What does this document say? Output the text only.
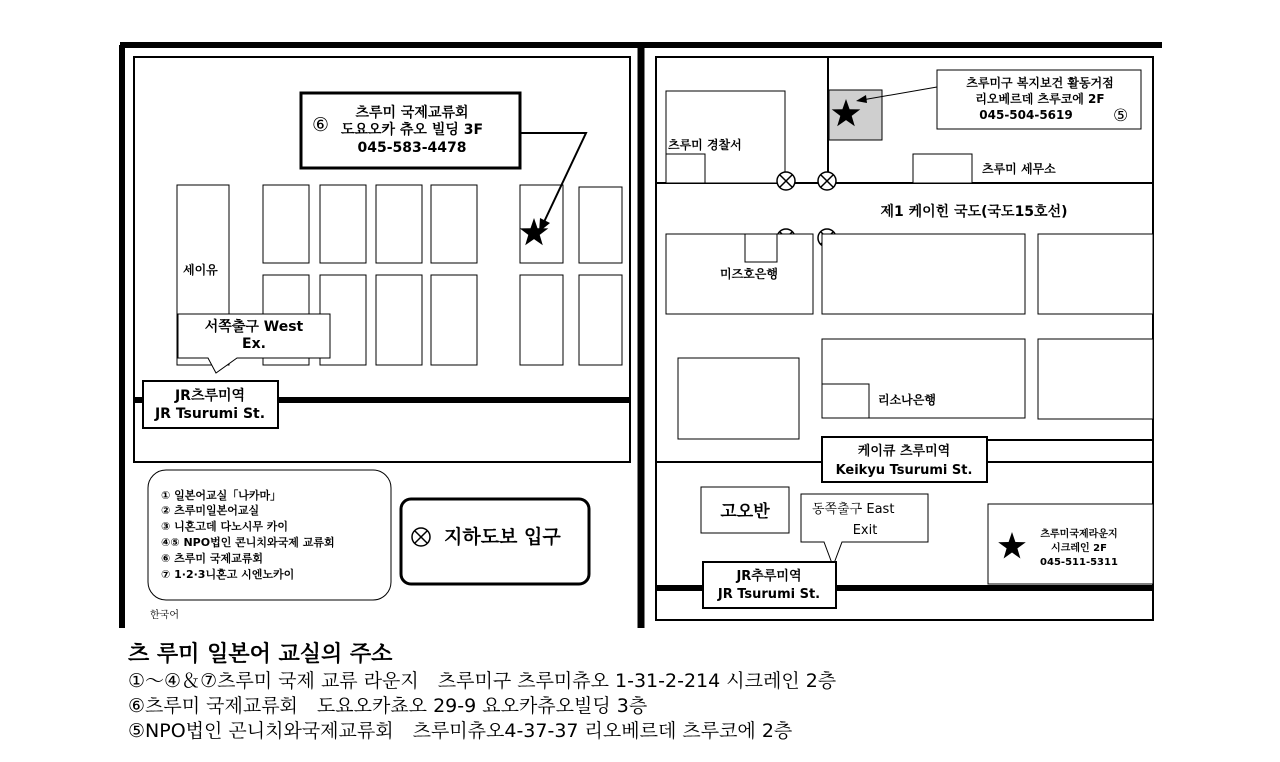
세이유
⑥
츠루미 국제교류회
도요오카 츄오 빌딩 3F
045-583-4478
서쪽출구 West
Ex.
JR츠루미역
JR Tsurumi St.
① 일본어교실「나카마」
② 츠루미일본어교실
③ 니혼고데 다노시무 카이
④⑤ NPO법인 콘니치와국제 교류회
⑥ 츠루미 국제교류회
⑦ 1·2·3니혼고 시엔노카이
지하도보 입구
한국어
제1 케이힌 국도(국도15호선)
츠루미구 복지보건 활동거점
리오베르데 츠루코에 2F
045-504-5619 ⑤
츠루미 경찰서
츠루미 세무소
미즈호은행
리소나은행
케이큐 츠루미역
Keikyu Tsurumi St.
고오반	동쪽출구 East
Exit
JR추루미역
JR Tsurumi St.
츠루미국제라운지
시크레인 2F
045-511-5311
츠 루미 일본어 교실의 주소
①～④＆⑦츠루미 국제 교류 라운지　츠루미구 츠루미츄오 1-31-2-214 시크레인 2층
⑥츠루미 국제교류회　도요오카쵸오 29-9 요오카츄오빌딩 3층
⑤NPO법인 곤니치와국제교류회　츠루미츄오4-37-37 리오베르데 츠루코에 2층
